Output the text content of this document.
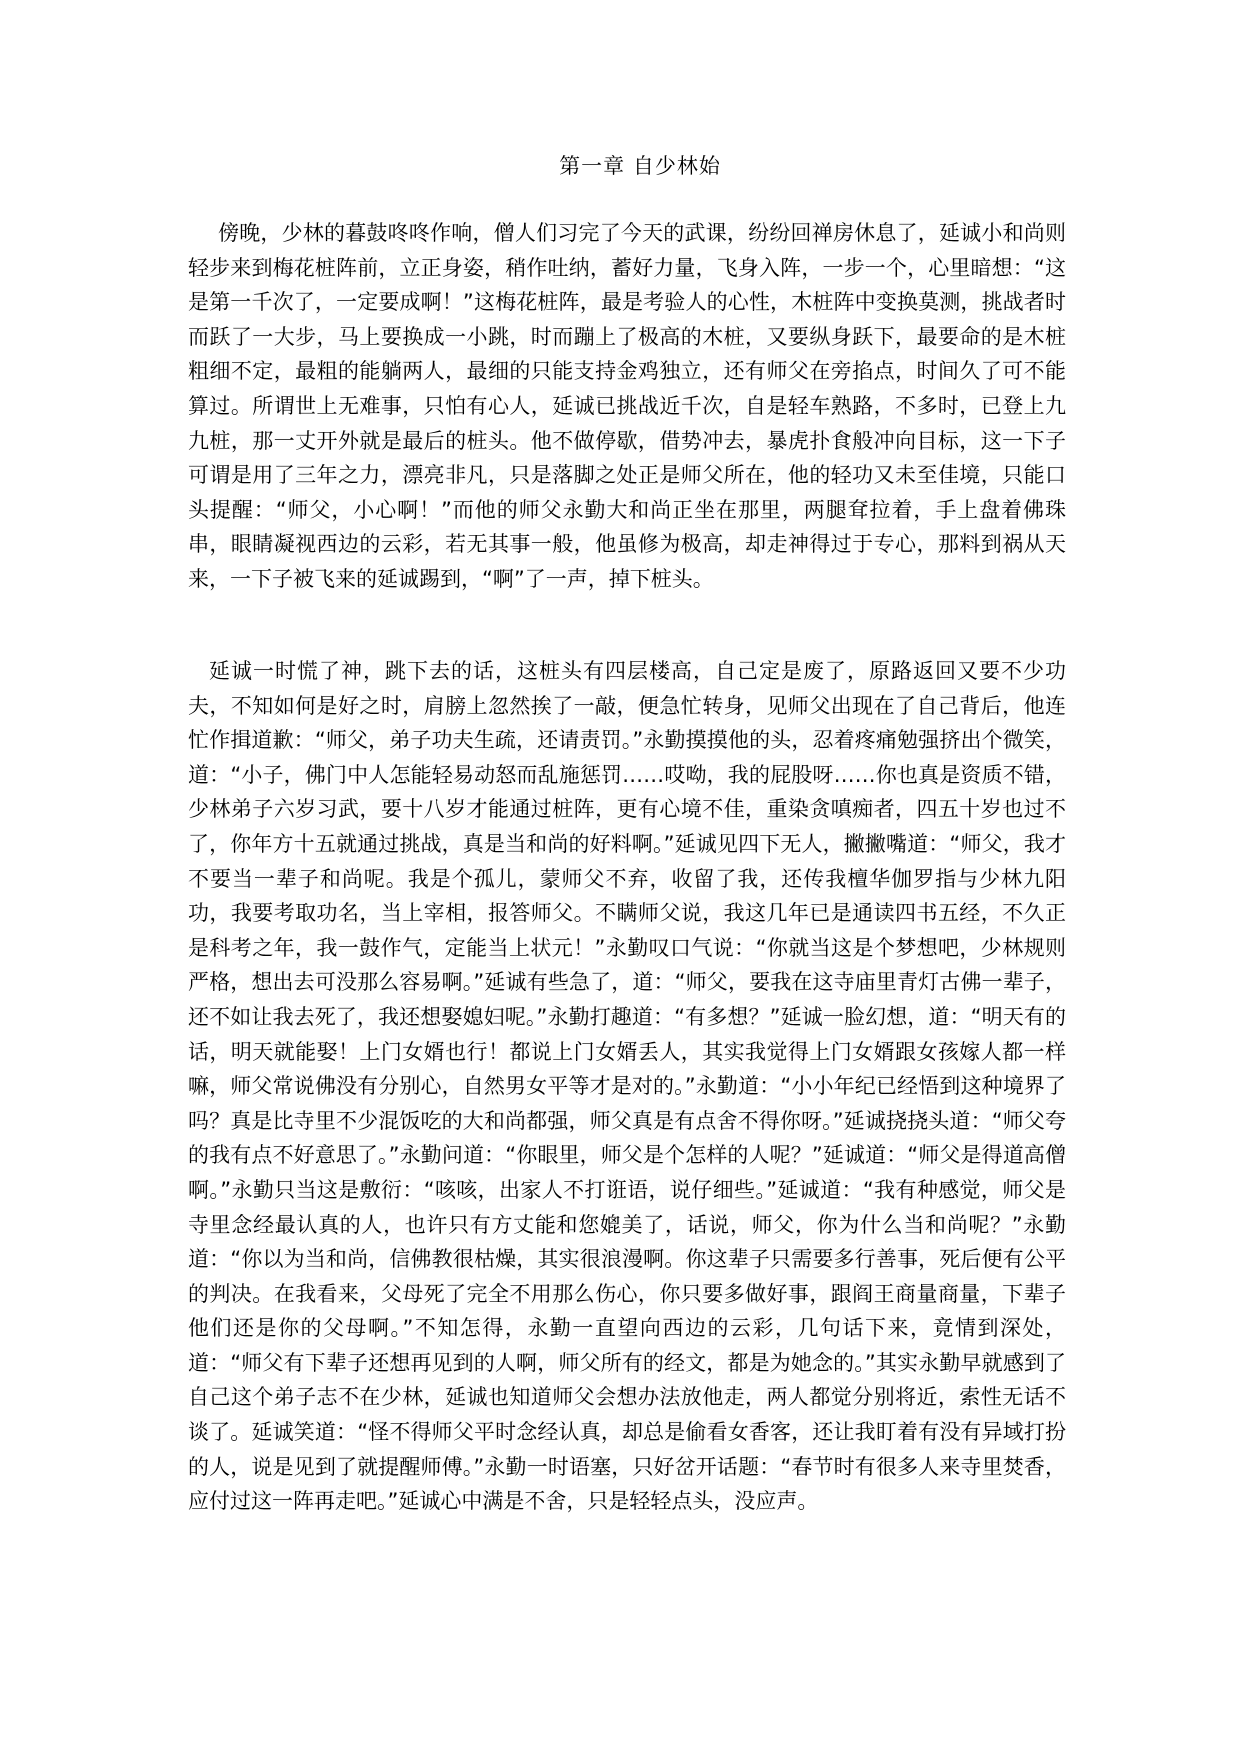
第一章 自少林始

傍晚，少林的暮鼓咚咚作响，僧人们习完了今天的武课，纷纷回禅房休息了，延诚小和尚则轻步来到梅花桩阵前，立正身姿，稍作吐纳，蓄好力量，飞身入阵，一步一个，心里暗想：“这是第一千次了，一定要成啊！”这梅花桩阵，最是考验人的心性，木桩阵中变换莫测，挑战者时而跃了一大步，马上要换成一小跳，时而蹦上了极高的木桩，又要纵身跃下，最要命的是木桩粗细不定，最粗的能躺两人，最细的只能支持金鸡独立，还有师父在旁掐点，时间久了可不能算过。所谓世上无难事，只怕有心人，延诚已挑战近千次，自是轻车熟路，不多时，已登上九九桩，那一丈开外就是最后的桩头。他不做停歇，借势冲去，暴虎扑食般冲向目标，这一下子可谓是用了三年之力，漂亮非凡，只是落脚之处正是师父所在，他的轻功又未至佳境，只能口头提醒：“师父，小心啊！”而他的师父永勤大和尚正坐在那里，两腿耷拉着，手上盘着佛珠串，眼睛凝视西边的云彩，若无其事一般，他虽修为极高，却走神得过于专心，那料到祸从天来，一下子被飞来的延诚踢到，“啊”了一声，掉下桩头。

延诚一时慌了神，跳下去的话，这桩头有四层楼高，自己定是废了，原路返回又要不少功夫，不知如何是好之时，肩膀上忽然挨了一敲，便急忙转身，见师父出现在了自己背后，他连忙作揖道歉：“师父，弟子功夫生疏，还请责罚。”永勤摸摸他的头，忍着疼痛勉强挤出个微笑，道：“小子，佛门中人怎能轻易动怒而乱施惩罚……哎呦，我的屁股呀……你也真是资质不错，少林弟子六岁习武，要十八岁才能通过桩阵，更有心境不佳，重染贪嗔痴者，四五十岁也过不了，你年方十五就通过挑战，真是当和尚的好料啊。”延诚见四下无人，撇撇嘴道：“师父，我才不要当一辈子和尚呢。我是个孤儿，蒙师父不弃，收留了我，还传我檀华伽罗指与少林九阳功，我要考取功名，当上宰相，报答师父。不瞒师父说，我这几年已是通读四书五经，不久正是科考之年，我一鼓作气，定能当上状元！”永勤叹口气说：“你就当这是个梦想吧，少林规则严格，想出去可没那么容易啊。”延诚有些急了，道：“师父，要我在这寺庙里青灯古佛一辈子，还不如让我去死了，我还想娶媳妇呢。”永勤打趣道：“有多想？”延诚一脸幻想，道：“明天有的话，明天就能娶！上门女婿也行！都说上门女婿丢人，其实我觉得上门女婿跟女孩嫁人都一样嘛，师父常说佛没有分别心，自然男女平等才是对的。”永勤道：“小小年纪已经悟到这种境界了吗？真是比寺里不少混饭吃的大和尚都强，师父真是有点舍不得你呀。”延诚挠挠头道：“师父夸的我有点不好意思了。”永勤问道：“你眼里，师父是个怎样的人呢？”延诚道：“师父是得道高僧啊。”永勤只当这是敷衍：“咳咳，出家人不打诳语，说仔细些。”延诚道：“我有种感觉，师父是寺里念经最认真的人，也许只有方丈能和您媲美了，话说，师父，你为什么当和尚呢？”永勤道：“你以为当和尚，信佛教很枯燥，其实很浪漫啊。你这辈子只需要多行善事，死后便有公平的判决。在我看来，父母死了完全不用那么伤心，你只要多做好事，跟阎王商量商量，下辈子他们还是你的父母啊。”不知怎得，永勤一直望向西边的云彩，几句话下来，竟情到深处，道：“师父有下辈子还想再见到的人啊，师父所有的经文，都是为她念的。”其实永勤早就感到了自己这个弟子志不在少林，延诚也知道师父会想办法放他走，两人都觉分别将近，索性无话不谈了。延诚笑道：“怪不得师父平时念经认真，却总是偷看女香客，还让我盯着有没有异域打扮的人，说是见到了就提醒师傅。”永勤一时语塞，只好岔开话题：“春节时有很多人来寺里焚香，应付过这一阵再走吧。”延诚心中满是不舍，只是轻轻点头，没应声。
